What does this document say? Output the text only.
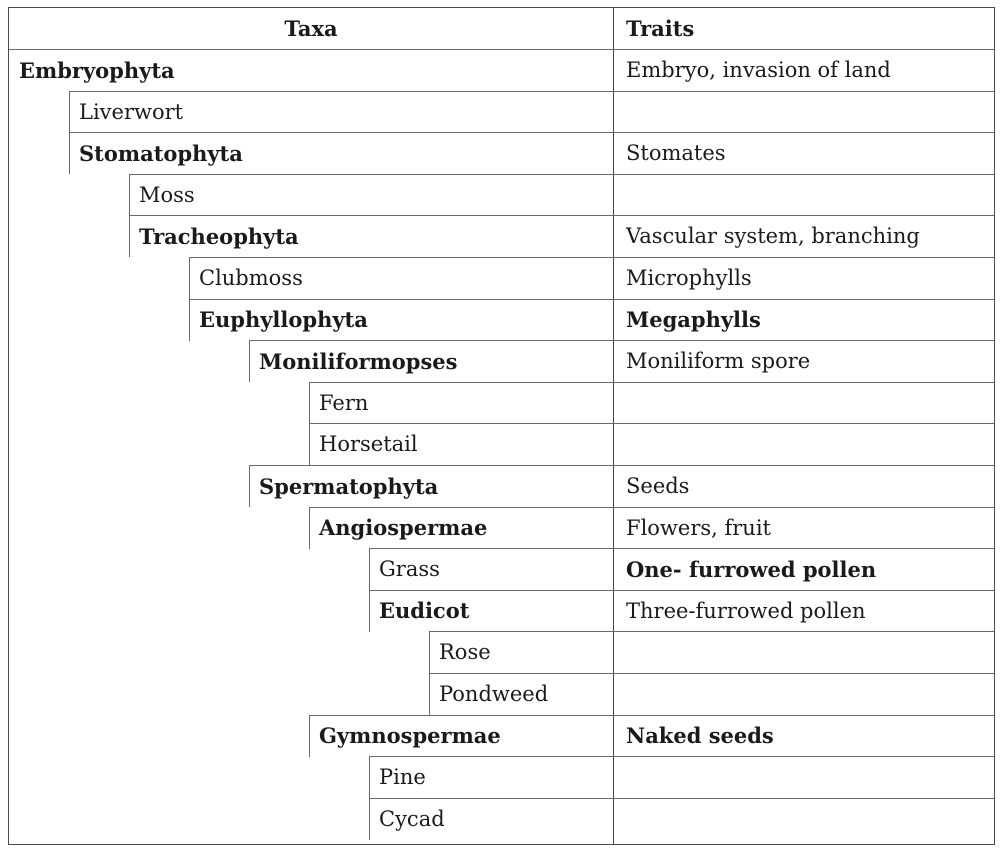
Taxa	Traits
Embryophyta	Embryo, invasion of land
Liverwort
Stomatophyta	Stomates
Moss
Tracheophyta	Vascular system, branching
Clubmoss	Microphylls
Euphyllophyta	Megaphylls
Moniliformopses	Moniliform spore
Fern
Horsetail
Spermatophyta	Seeds
Angiospermae	Flowers, fruit
Grass	One- furrowed pollen
Eudicot	Three-furrowed pollen
Rose
Pondweed
Gymnospermae	Naked seeds
Pine
Cycad
